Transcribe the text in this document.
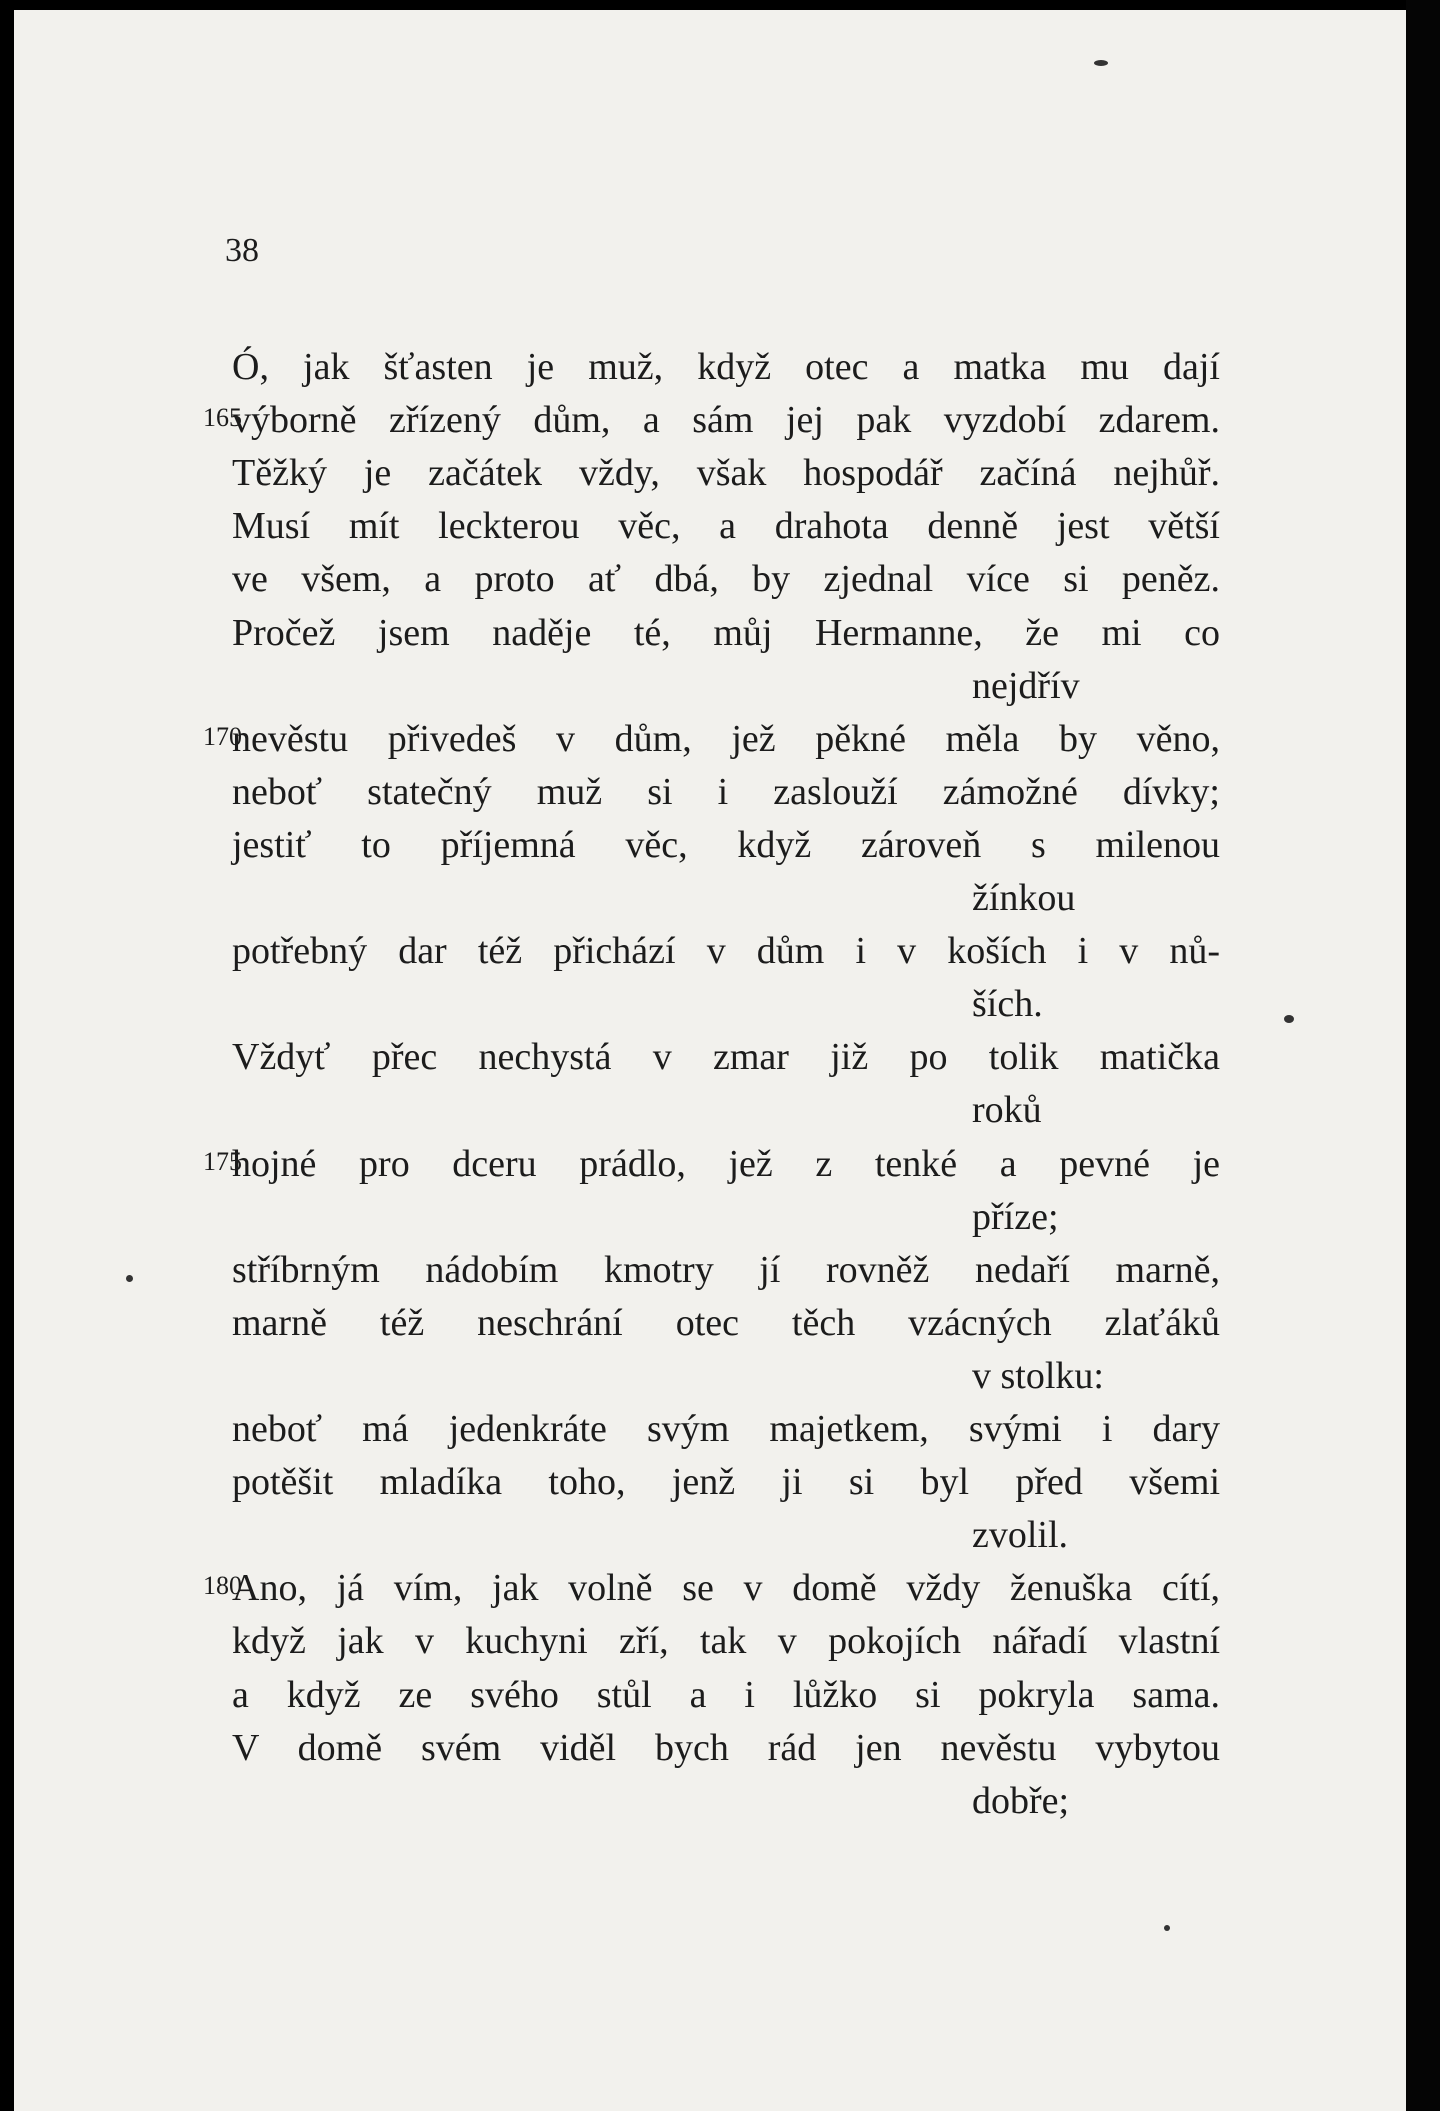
38
Ó, jak šťasten je muž, když otec a matka mu dají
165
výborně zřízený dům, a sám jej pak vyzdobí zdarem.
Těžký je začátek vždy, však hospodář začíná nejhůř.
Musí mít leckterou věc, a drahota denně jest větší
ve všem, a proto ať dbá, by zjednal více si peněz.
Pročež jsem naděje té, můj Hermanne, že mi co
nejdřív
170
nevěstu přivedeš v dům, jež pěkné měla by věno,
neboť statečný muž si i zaslouží zámožné dívky;
jestiť to příjemná věc, když zároveň s milenou
žínkou
potřebný dar též přichází v dům i v koších i v nů-
ších.
Vždyť přec nechystá v zmar již po tolik matička
roků
175
hojné pro dceru prádlo, jež z tenké a pevné je
příze;
stříbrným nádobím kmotry jí rovněž nedaří marně,
marně též neschrání otec těch vzácných zlaťáků
v stolku:
neboť má jedenkráte svým majetkem, svými i dary
potěšit mladíka toho, jenž ji si byl před všemi
zvolil.
180
Ano, já vím, jak volně se v domě vždy ženuška cítí,
když jak v kuchyni zří, tak v pokojích nářadí vlastní
a když ze svého stůl a i lůžko si pokryla sama.
V domě svém viděl bych rád jen nevěstu vybytou
dobře;
